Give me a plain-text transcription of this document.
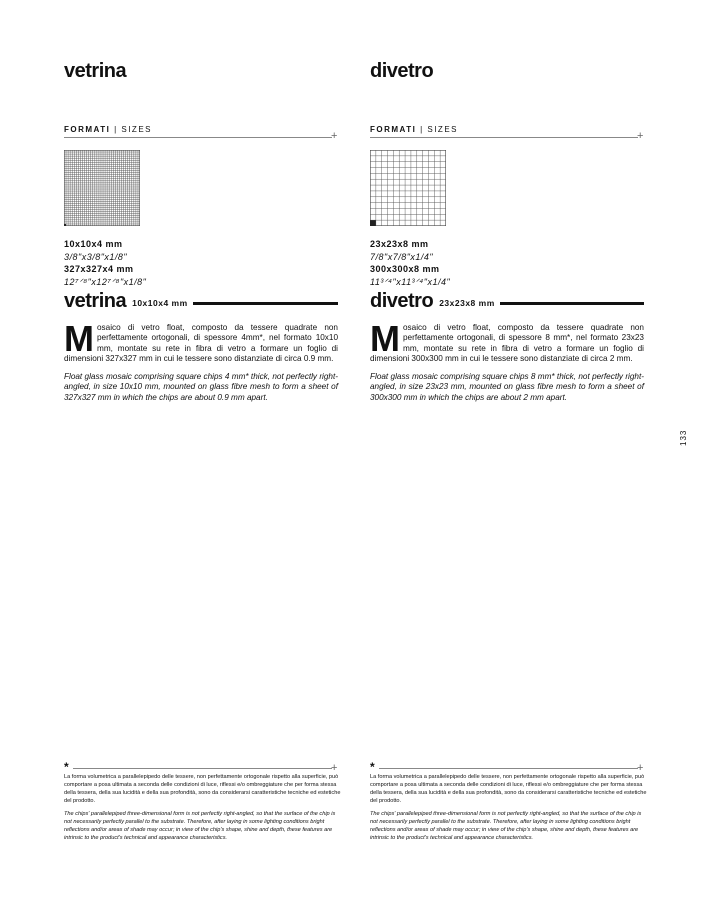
vetrina
FORMATI | SIZES
+
10x10x4 mm
3/8"x3/8"x1/8"
327x327x4 mm
12⁷ᐟ⁸"x12⁷ᐟ⁸"x1/8"
vetrina 10x10x4 mm

Mosaico di vetro float, composto da tessere quadrate non perfettamente ortogonali, di spessore 4mm*, nel formato 10x10 mm, montate su rete in fibra di vetro a formare un foglio di dimensioni 327x327 mm in cui le tessere sono distanziate di circa 0.9 mm.

Float glass mosaic comprising square chips 4 mm* thick, not perfectly right-angled, in size 10x10 mm, mounted on glass fibre mesh to form a sheet of 327x327 mm in which the chips are about 0.9 mm apart.

*	+

La forma volumetrica a parallelepipedo delle tessere, non perfettamente ortogonale rispetto alla superficie, può comportare a posa ultimata a seconda delle condizioni di luce, riflessi e/o ombreggiature che per forma stessa della tessera, della sua lucidità e della sua profondità, sono da considerarsi caratteristiche tecniche ed estetiche del prodotto.

The chips' parallelepiped three-dimensional form is not perfectly right-angled, so that the surface of the chip is not necessarily perfectly parallel to the substrate. Therefore, after laying in some lighting conditions bright reflections and/or areas of shade may occur; in view of the chip's shape, shine and depth, these features are intrinsic to the product's technical and appearance characteristics.

divetro
FORMATI | SIZES
+
23x23x8 mm
7/8"x7/8"x1/4"
300x300x8 mm
11³ᐟ⁴"x11³ᐟ⁴"x1/4"
divetro 23x23x8 mm

Mosaico di vetro float, composto da tessere quadrate non perfettamente ortogonali, di spessore 8 mm*, nel formato 23x23 mm, montate su rete in fibra di vetro a formare un foglio di dimensioni 300x300 mm in cui le tessere sono distanziate di circa 2 mm.

Float glass mosaic comprising square chips 8 mm* thick, not perfectly right-angled, in size 23x23 mm, mounted on glass fibre mesh to form a sheet of 300x300 mm in which the chips are about 2 mm apart.

*	+

La forma volumetrica a parallelepipedo delle tessere, non perfettamente ortogonale rispetto alla superficie, può comportare a posa ultimata a seconda delle condizioni di luce, riflessi e/o ombreggiature che per forma stessa della tessera, della sua lucidità e della sua profondità, sono da considerarsi caratteristiche tecniche ed estetiche del prodotto.

The chips' parallelepiped three-dimensional form is not perfectly right-angled, so that the surface of the chip is not necessarily perfectly parallel to the substrate. Therefore, after laying in some lighting conditions bright reflections and/or areas of shade may occur; in view of the chip's shape, shine and depth, these features are intrinsic to the product's technical and appearance characteristics.

133
